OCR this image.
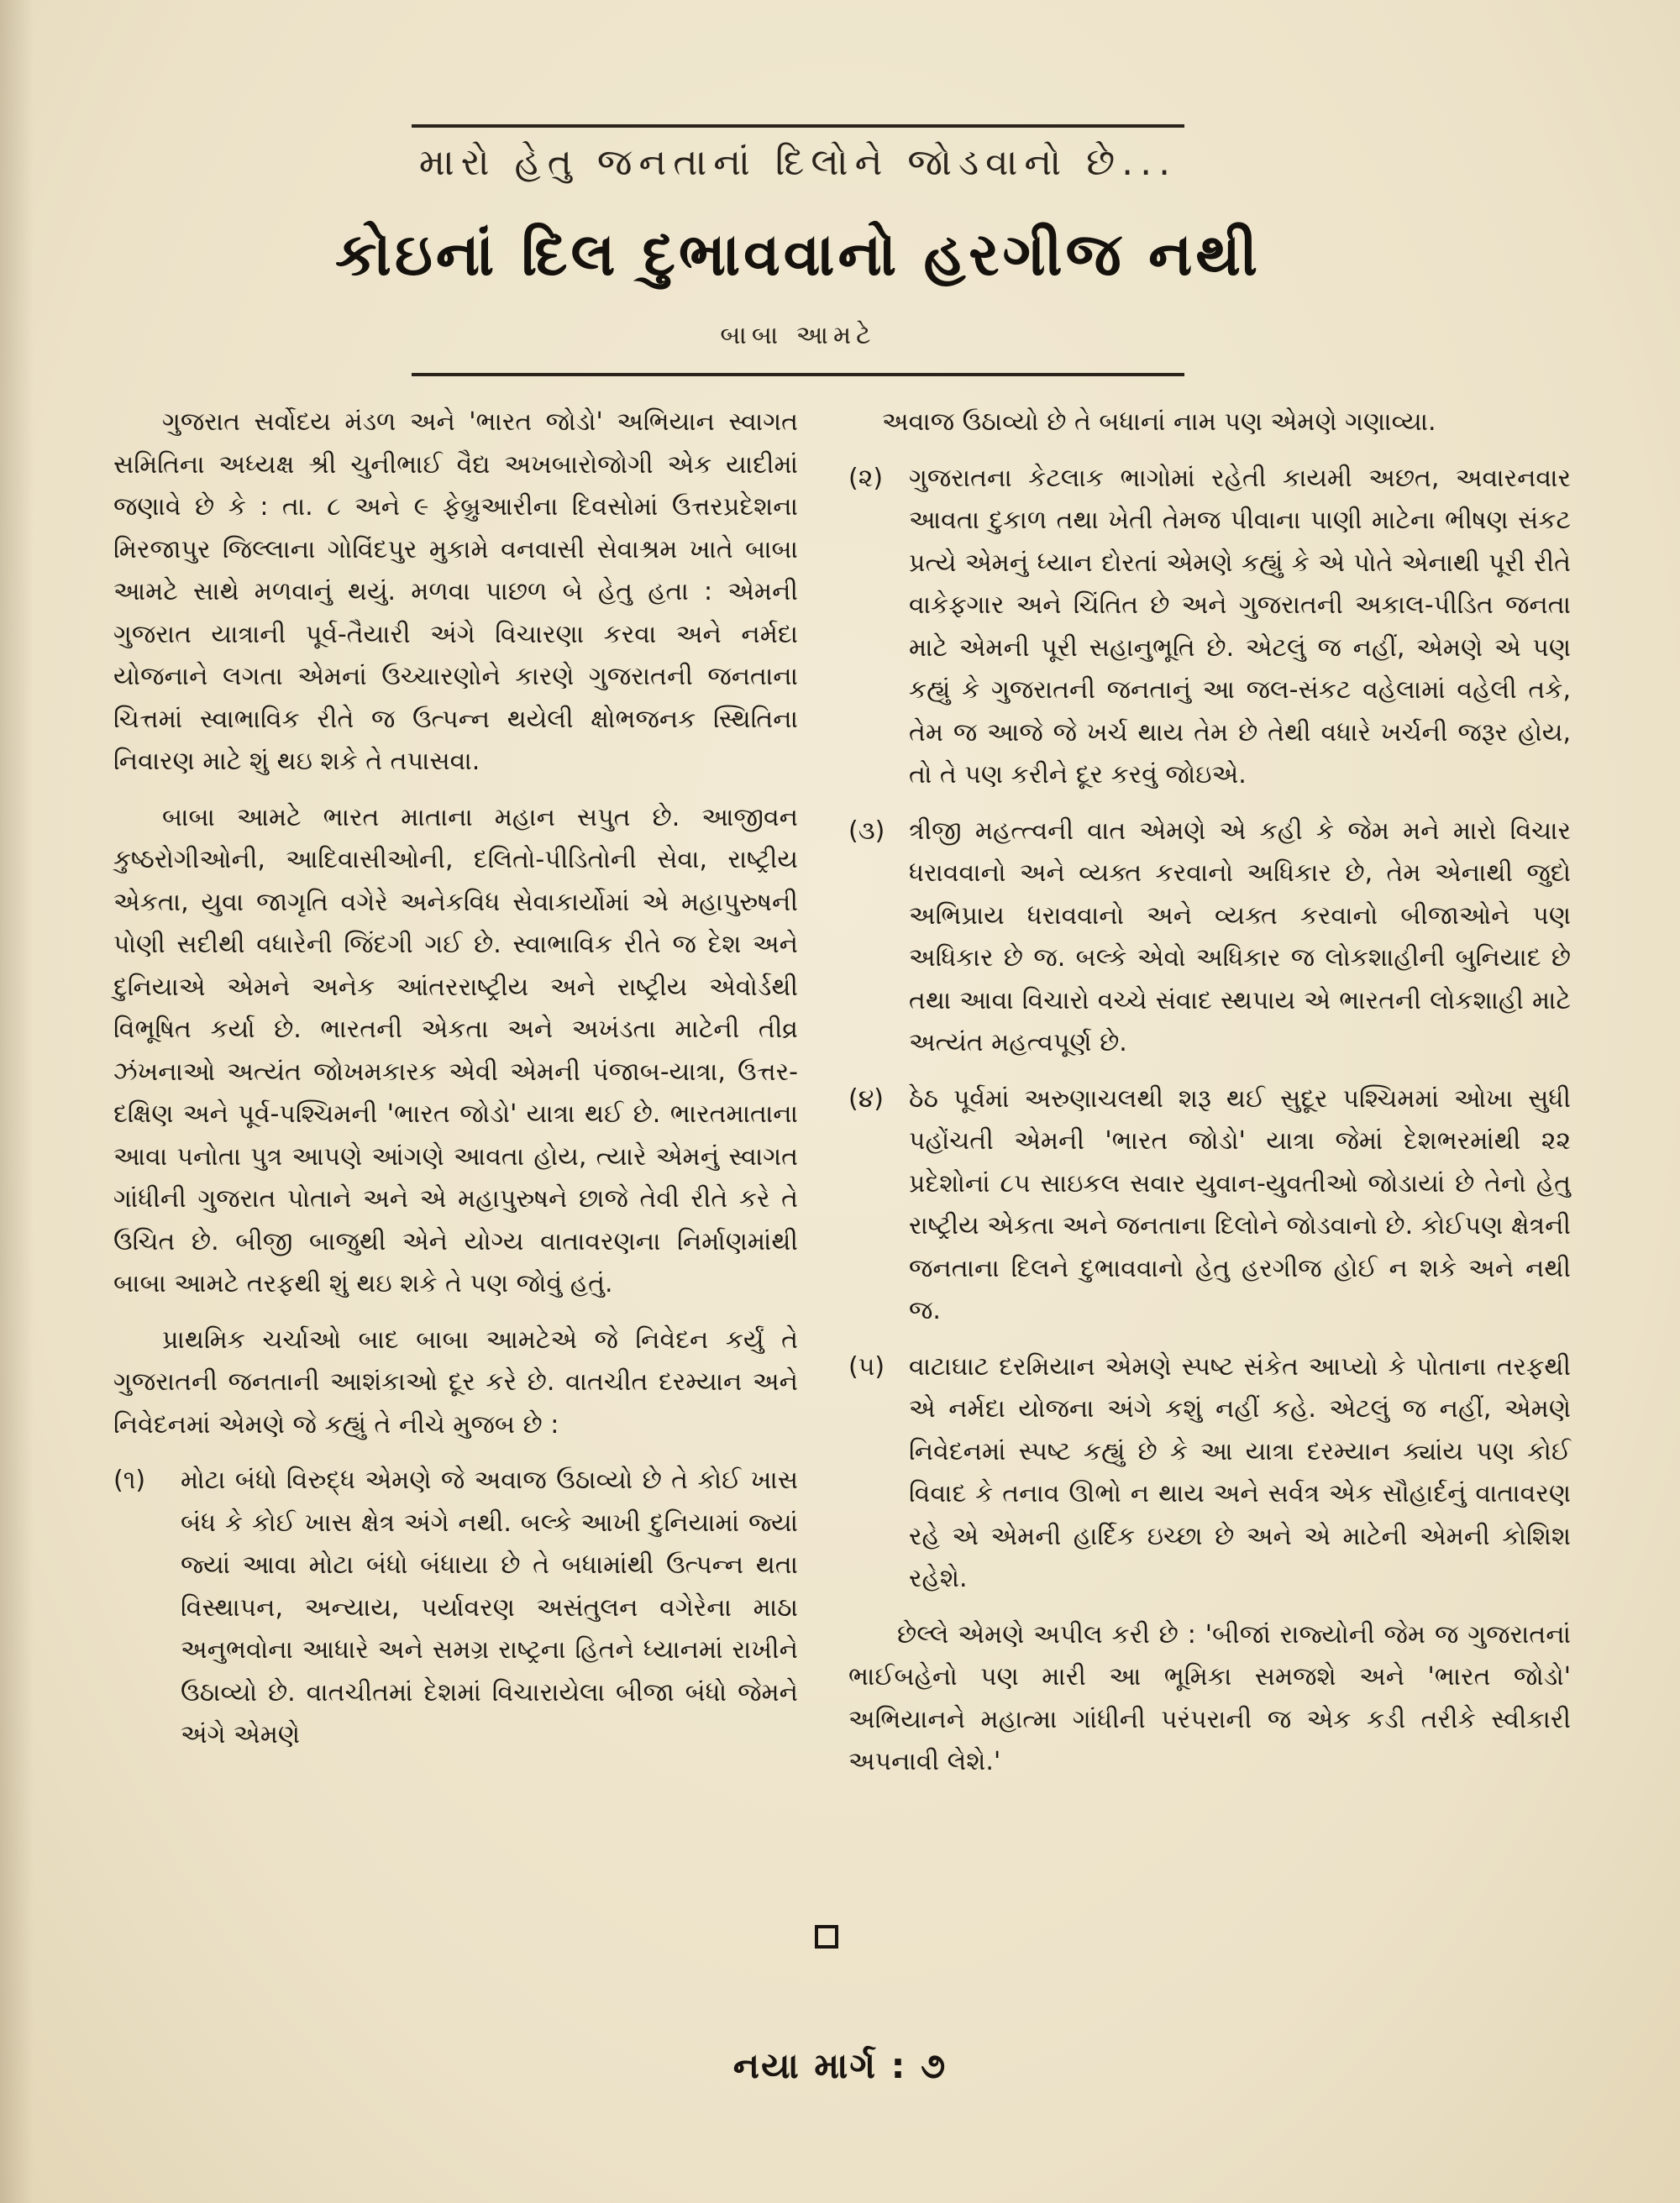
મારો હેતુ જનતાનાં દિલોને જોડવાનો છે...
કોઇનાં દિલ દુભાવવાનો હરગીજ નથી
બાબા આમટે

ગુજરાત સર્વોદય મંડળ અને 'ભારત જોડો' અભિયાન સ્વાગત સમિતિના અધ્યક્ષ શ્રી ચુનીભાઈ વૈદ્ય અખબારોજોગી એક યાદીમાં જણાવે છે કે : તા. ૮ અને ૯ ફેબ્રુઆરીના દિવસોમાં ઉત્તરપ્રદેશના મિરજાપુર જિલ્લાના ગોવિંદપુર મુકામે વનવાસી સેવાશ્રમ ખાતે બાબા આમટે સાથે મળવાનું થયું. મળવા પાછળ બે હેતુ હતા : એમની ગુજરાત યાત્રાની પૂર્વ-તૈયારી અંગે વિચારણા કરવા અને નર્મદા યોજનાને લગતા એમનાં ઉચ્ચારણોને કારણે ગુજરાતની જનતાના ચિત્તમાં સ્વાભાવિક રીતે જ ઉત્પન્ન થયેલી ક્ષોભજનક સ્થિતિના નિવારણ માટે શું થઇ શકે તે તપાસવા.

બાબા આમટે ભારત માતાના મહાન સપુત છે. આજીવન કુષ્ઠરોગીઓની, આદિવાસીઓની, દલિતો-પીડિતોની સેવા, રાષ્ટ્રીય એકતા, યુવા જાગૃતિ વગેરે અનેકવિધ સેવાકાર્યોમાં એ મહાપુરુષની પોણી સદીથી વધારેની જિંદગી ગઈ છે. સ્વાભાવિક રીતે જ દેશ અને દુનિયાએ એમને અનેક આંતરરાષ્ટ્રીય અને રાષ્ટ્રીય એવોર્ડથી વિભૂષિત કર્યા છે. ભારતની એકતા અને અખંડતા માટેની તીવ્ર ઝંખનાઓ અત્યંત જોખમકારક એવી એમની પંજાબ-યાત્રા, ઉત્તર-દક્ષિણ અને પૂર્વ-પશ્ચિમની 'ભારત જોડો' યાત્રા થઈ છે. ભારતમાતાના આવા પનોતા પુત્ર આપણે આંગણે આવતા હોય, ત્યારે એમનું સ્વાગત ગાંધીની ગુજરાત પોતાને અને એ મહાપુરુષને છાજે તેવી રીતે કરે તે ઉચિત છે. બીજી બાજુથી એને યોગ્ય વાતાવરણના નિર્માણમાંથી બાબા આમટે તરફથી શું થઇ શકે તે પણ જોવું હતું.

પ્રાથમિક ચર્ચાઓ બાદ બાબા આમટેએ જે નિવેદન કર્યું તે ગુજરાતની જનતાની આશંકાઓ દૂર કરે છે. વાતચીત દરમ્યાન અને નિવેદનમાં એમણે જે કહ્યું તે નીચે મુજબ છે :

(૧)	મોટા બંધો વિરુદ્ધ એમણે જે અવાજ ઉઠાવ્યો છે તે કોઈ ખાસ બંધ કે કોઈ ખાસ ક્ષેત્ર અંગે નથી. બલ્કે આખી દુનિયામાં જ્યાં જ્યાં આવા મોટા બંધો બંધાયા છે તે બધામાંથી ઉત્પન્ન થતા વિસ્થાપન, અન્યાય, પર્યાવરણ અસંતુલન વગેરેના માઠા અનુભવોના આધારે અને સમગ્ર રાષ્ટ્રના હિતને ધ્યાનમાં રાખીને ઉઠાવ્યો છે. વાતચીતમાં દેશમાં વિચારાયેલા બીજા બંધો જેમને અંગે એમણે

અવાજ ઉઠાવ્યો છે તે બધાનાં નામ પણ એમણે ગણાવ્યા.

(૨)	ગુજરાતના કેટલાક ભાગોમાં રહેતી કાયમી અછત, અવારનવાર આવતા દુકાળ તથા ખેતી તેમજ પીવાના પાણી માટેના ભીષણ સંકટ પ્રત્યે એમનું ધ્યાન દોરતાં એમણે કહ્યું કે એ પોતે એનાથી પૂરી રીતે વાકેફગાર અને ચિંતિત છે અને ગુજરાતની અકાલ-પીડિત જનતા માટે એમની પૂરી સહાનુભૂતિ છે. એટલું જ નહીં, એમણે એ પણ કહ્યું કે ગુજરાતની જનતાનું આ જલ-સંકટ વહેલામાં વહેલી તકે, તેમ જ આજે જે ખર્ચ થાય તેમ છે તેથી વધારે ખર્ચની જરૂર હોય, તો તે પણ કરીને દૂર કરવું જોઇએ.
(૩) ત્રીજી મહત્ત્વની વાત એમણે એ કહી કે જેમ મને મારો વિચાર ધરાવવાનો અને વ્યક્ત કરવાનો અધિકાર છે, તેમ એનાથી જુદો અભિપ્રાય ધરાવવાનો અને વ્યક્ત કરવાનો બીજાઓને પણ અધિકાર છે જ. બલ્કે એવો અધિકાર જ લોકશાહીની બુનિયાદ છે તથા આવા વિચારો વચ્ચે સંવાદ સ્થપાય એ ભારતની લોકશાહી માટે અત્યંત મહત્વપૂર્ણ છે.
(૪) ઠેઠ પૂર્વમાં અરુણાચલથી શરૂ થઈ સુદૂર પશ્ચિમમાં ઓખા સુધી પહોંચતી એમની 'ભારત જોડો' યાત્રા જેમાં દેશભરમાંથી ૨૨ પ્રદેશોનાં ૮૫ સાઇકલ સવાર યુવાન-યુવતીઓ જોડાયાં છે તેનો હેતુ રાષ્ટ્રીય એકતા અને જનતાના દિલોને જોડવાનો છે. કોઈપણ ક્ષેત્રની જનતાના દિલને દુભાવવાનો હેતુ હરગીજ હોઈ ન શકે અને નથી જ.
(૫) વાટાઘાટ દરમિયાન એમણે સ્પષ્ટ સંકેત આપ્યો કે પોતાના તરફથી એ નર્મદા યોજના અંગે કશું નહીં કહે. એટલું જ નહીં, એમણે નિવેદનમાં સ્પષ્ટ કહ્યું છે કે આ યાત્રા દરમ્યાન ક્યાંય પણ કોઈ વિવાદ કે તનાવ ઊભો ન થાય અને સર્વત્ર એક સૌહાર્દનું વાતાવરણ રહે એ એમની હાર્દિક ઇચ્છા છે અને એ માટેની એમની કોશિશ રહેશે.

છેલ્લે એમણે અપીલ કરી છે : 'બીજાં રાજ્યોની જેમ જ ગુજરાતનાં ભાઈબહેનો પણ મારી આ ભૂમિકા સમજશે અને 'ભારત જોડો' અભિયાનને મહાત્મા ગાંધીની પરંપરાની જ એક કડી તરીકે સ્વીકારી અપનાવી લેશે.'

નયા માર્ગ : ૭
